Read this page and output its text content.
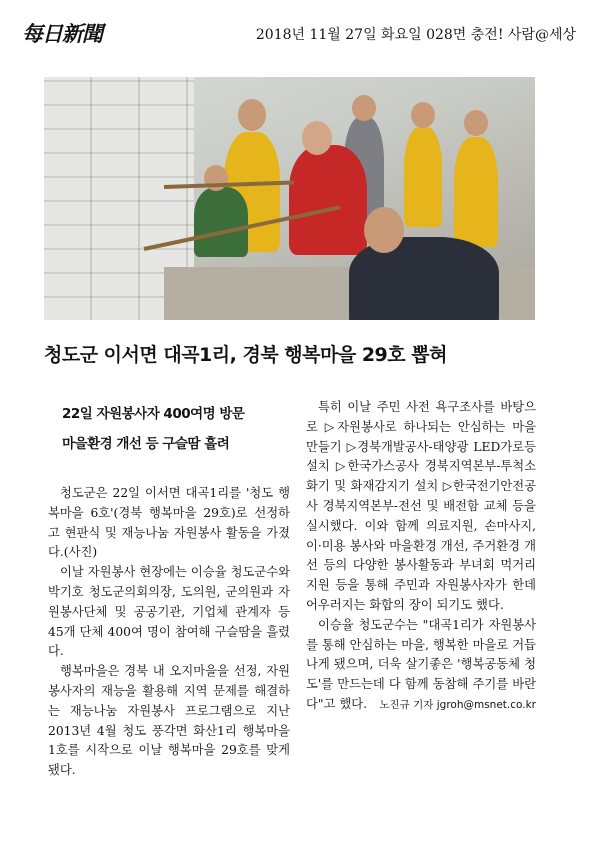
每日新聞	2018년 11월 27일 화요일 028면 충전! 사람@세상
청도군 이서면 대곡1리, 경북 행복마을 29호 뽑혀
22일 자원봉사자 400여명 방문
마을환경 개선 등 구슬땀 흘려

청도군은 22일 이서면 대곡1리를 '청도 행복마을 6호'(경북 행복마을 29호)로 선정하고 현판식 및 재능나눔 자원봉사 활동을 가졌다.(사진)

이날 자원봉사 현장에는 이승율 청도군수와 박기호 청도군의회의장, 도의원, 군의원과 자원봉사단체 및 공공기관, 기업체 관계자 등 45개 단체 400여 명이 참여해 구슬땀을 흘렸다.

행복마을은 경북 내 오지마을을 선정, 자원봉사자의 재능을 활용해 지역 문제를 해결하는 재능나눔 자원봉사 프로그램으로 지난 2013년 4월 청도 풍각면 화산1리 행복마을 1호를 시작으로 이날 행복마을 29호를 맞게 됐다.

특히 이날 주민 사전 욕구조사를 바탕으로 ▷자원봉사로 하나되는 안심하는 마을 만들기 ▷경북개발공사-태양광 LED가로등 설치 ▷한국가스공사 경북지역본부-투척소화기 및 화재감지기 설치 ▷한국전기안전공사 경북지역본부-전선 및 배전함 교체 등을 실시했다. 이와 함께 의료지원, 손마사지, 이·미용 봉사와 마을환경 개선, 주거환경 개선 등의 다양한 봉사활동과 부녀회 먹거리 지원 등을 통해 주민과 자원봉사자가 한데 어우러지는 화합의 장이 되기도 했다.

이승율 청도군수는 "대곡1리가 자원봉사를 통해 안심하는 마을, 행복한 마을로 거듭나게 됐으며, 더욱 살기좋은 '행복공동체 청도'를 만드는데 다 함께 동참해 주기를 바란다"고 했다.	노진규 기자 jgroh@msnet.co.kr
